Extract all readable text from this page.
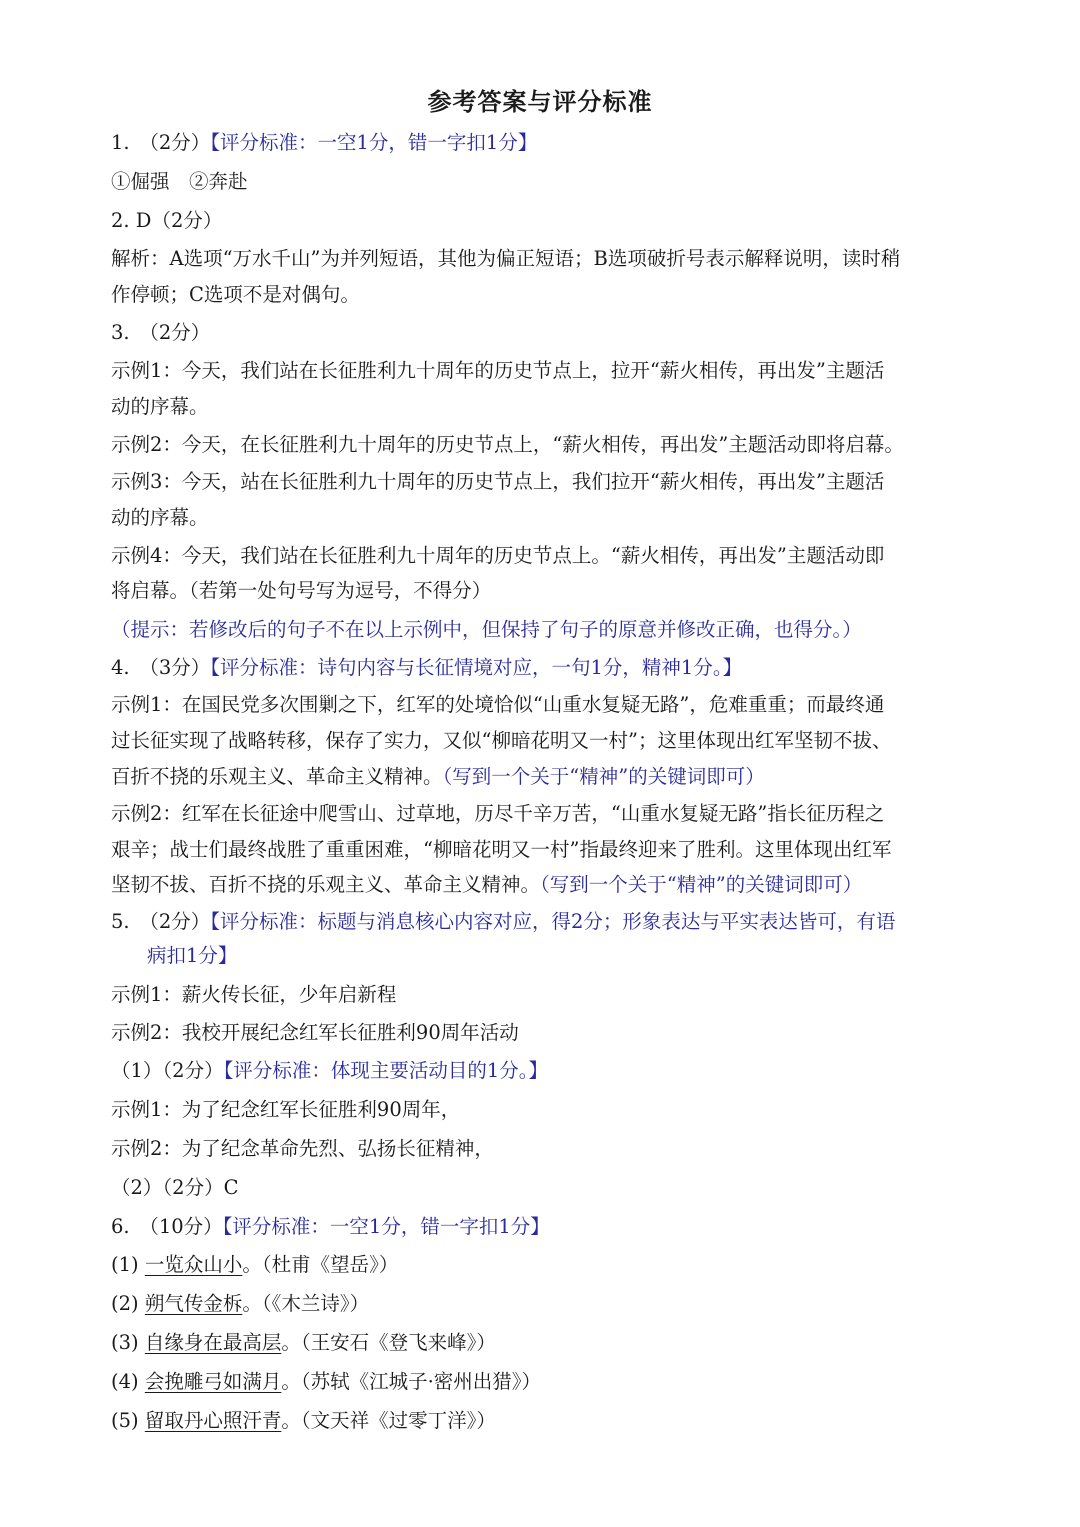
参考答案与评分标准
1.　（2分）【评分标准：一空1分，错一字扣1分】
①倔强　②奔赴
2. D（2分）
解析：A选项“万水千山”为并列短语，其他为偏正短语；B选项破折号表示解释说明，读时稍
作停顿；C选项不是对偶句。
3.　（2分）
示例1：今天，我们站在长征胜利九十周年的历史节点上，拉开“薪火相传，再出发”主题活
动的序幕。
示例2：今天，在长征胜利九十周年的历史节点上，“薪火相传，再出发”主题活动即将启幕。
示例3：今天，站在长征胜利九十周年的历史节点上，我们拉开“薪火相传，再出发”主题活
动的序幕。
示例4：今天，我们站在长征胜利九十周年的历史节点上。“薪火相传，再出发”主题活动即
将启幕。（若第一处句号写为逗号，不得分）
（提示：若修改后的句子不在以上示例中，但保持了句子的原意并修改正确，也得分。）
4.　（3分）【评分标准：诗句内容与长征情境对应，一句1分，精神1分。】
示例1：在国民党多次围剿之下，红军的处境恰似“山重水复疑无路”，危难重重；而最终通
过长征实现了战略转移，保存了实力，又似“柳暗花明又一村”；这里体现出红军坚韧不拔、
百折不挠的乐观主义、革命主义精神。（写到一个关于“精神”的关键词即可）
示例2：红军在长征途中爬雪山、过草地，历尽千辛万苦，“山重水复疑无路”指长征历程之
艰辛；战士们最终战胜了重重困难，“柳暗花明又一村”指最终迎来了胜利。这里体现出红军
坚韧不拔、百折不挠的乐观主义、革命主义精神。（写到一个关于“精神”的关键词即可）
5.　（2分）【评分标准：标题与消息核心内容对应，得2分；形象表达与平实表达皆可，有语
病扣1分】
示例1：薪火传长征，少年启新程
示例2：我校开展纪念红军长征胜利90周年活动
（1）（2分）【评分标准：体现主要活动目的1分。】
示例1：为了纪念红军长征胜利90周年，
示例2：为了纪念革命先烈、弘扬长征精神，
（2）（2分）C
6.　（10分）【评分标准：一空1分，错一字扣1分】
(1) 一览众山小。（杜甫《望岳》）
(2) 朔气传金柝。（《木兰诗》）
(3) 自缘身在最高层。（王安石《登飞来峰》）
(4) 会挽雕弓如满月。（苏轼《江城子·密州出猎》）
(5) 留取丹心照汗青。（文天祥《过零丁洋》）
